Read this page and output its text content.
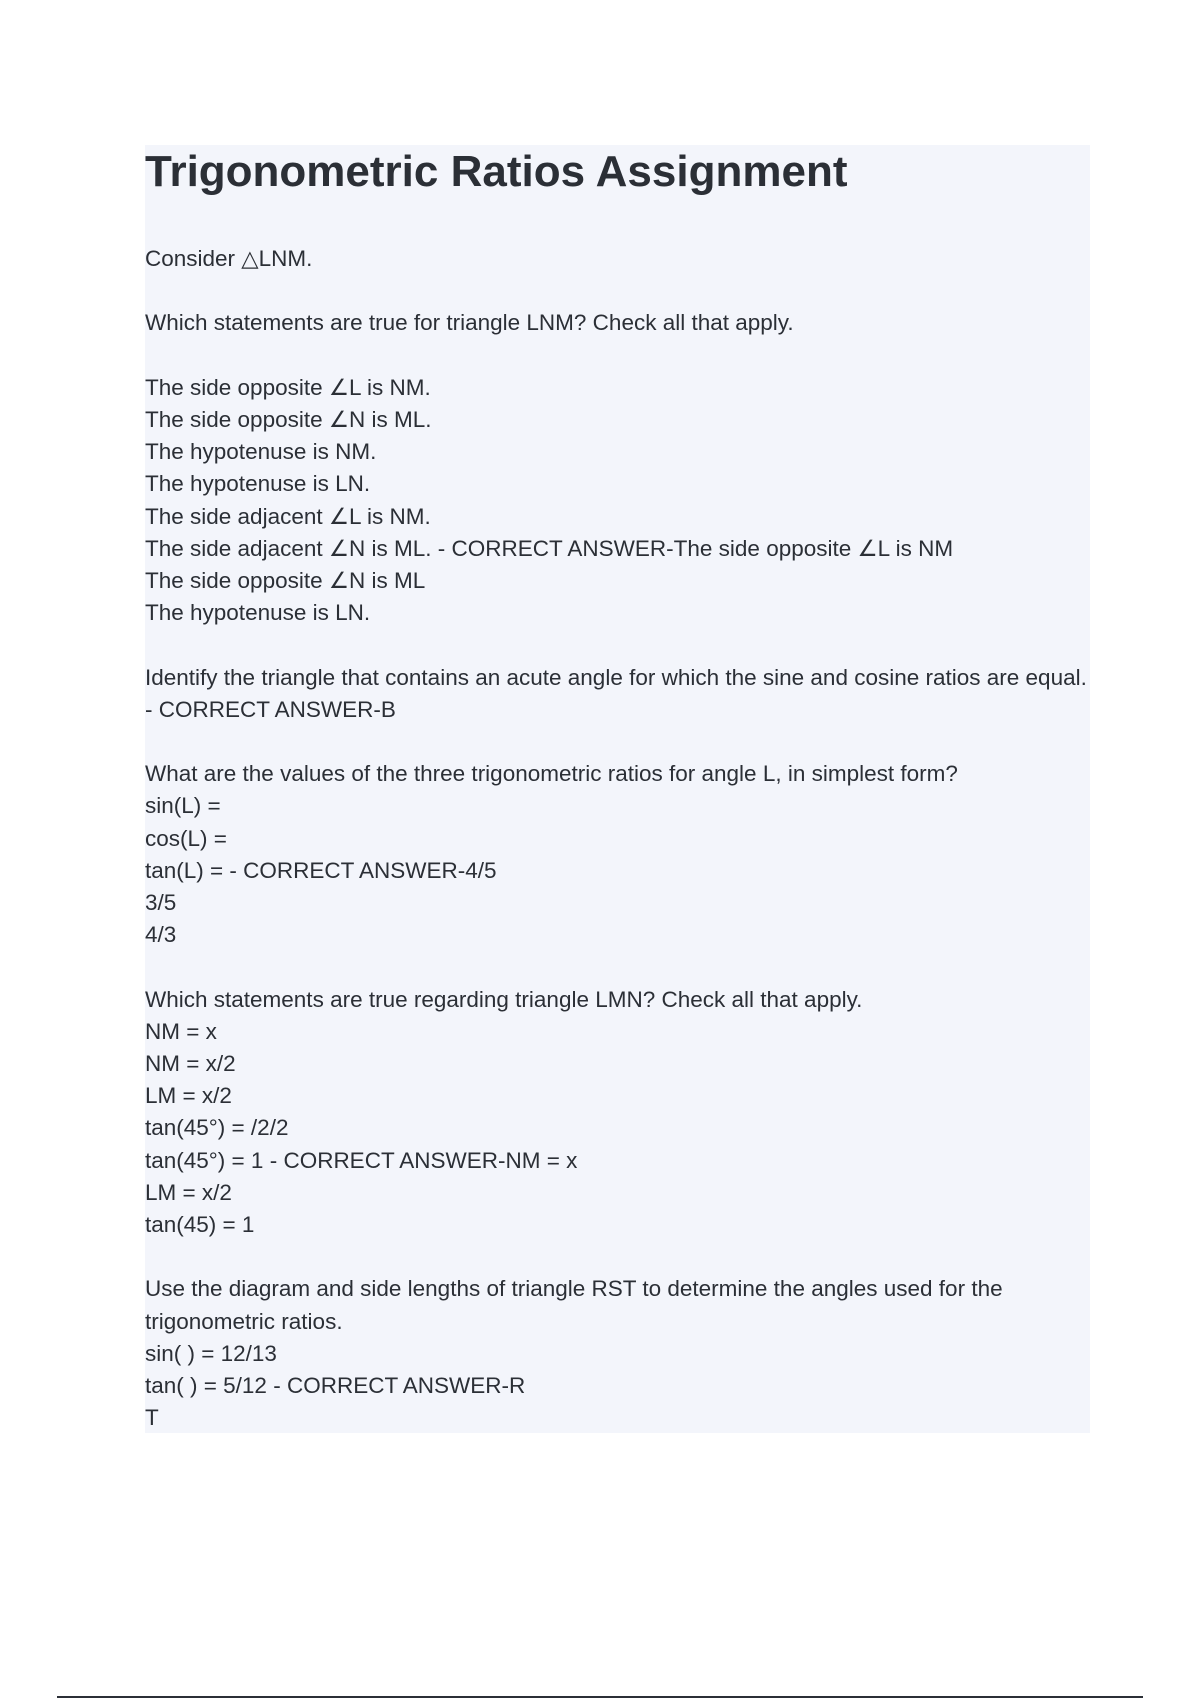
Trigonometric Ratios Assignment
Consider △LNM.
Which statements are true for triangle LNM? Check all that apply.
The side opposite ∠L is NM.
The side opposite ∠N is ML.
The hypotenuse is NM.
The hypotenuse is LN.
The side adjacent ∠L is NM.
The side adjacent ∠N is ML. - CORRECT ANSWER-The side opposite ∠L is NM
The side opposite ∠N is ML
The hypotenuse is LN.
Identify the triangle that contains an acute angle for which the sine and cosine ratios are equal. - CORRECT ANSWER-B
What are the values of the three trigonometric ratios for angle L, in simplest form?
sin(L) =
cos(L) =
tan(L) = - CORRECT ANSWER-4/5
3/5
4/3
Which statements are true regarding triangle LMN? Check all that apply.
NM = x
NM = x/2
LM = x/2
tan(45°) = /2/2
tan(45°) = 1 - CORRECT ANSWER-NM = x
LM = x/2
tan(45) = 1
Use the diagram and side lengths of triangle RST to determine the angles used for the trigonometric ratios.
sin( ) = 12/13
tan( ) = 5/12 - CORRECT ANSWER-R
T
